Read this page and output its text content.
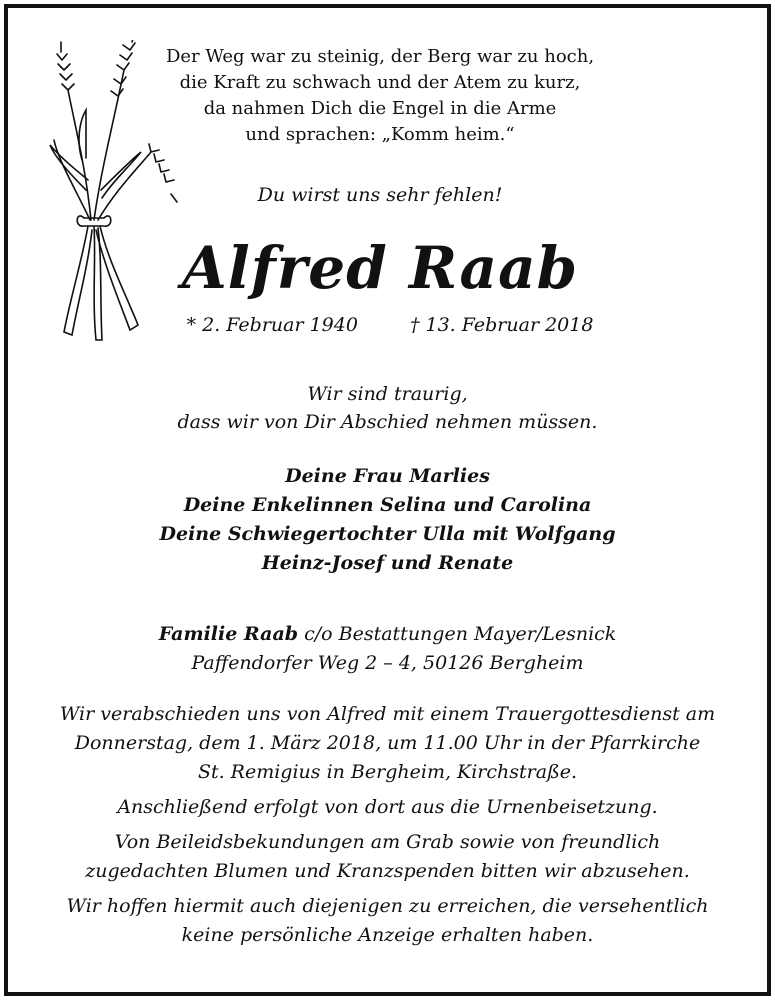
Der Weg war zu steinig, der Berg war zu hoch,
die Kraft zu schwach und der Atem zu kurz,
da nahmen Dich die Engel in die Arme
und sprachen: „Komm heim.“
Du wirst uns sehr fehlen!
Alfred Raab
* 2. Februar 1940	† 13. Februar 2018
Wir sind traurig,
dass wir von Dir Abschied nehmen müssen.
Deine Frau Marlies
Deine Enkelinnen Selina und Carolina
Deine Schwiegertochter Ulla mit Wolfgang
Heinz-Josef und Renate
Familie Raab c/o Bestattungen Mayer/Lesnick
Paffendorfer Weg 2 – 4, 50126 Bergheim

Wir verabschieden uns von Alfred mit einem Trauergottesdienst am
Donnerstag, dem 1. März 2018, um 11.00 Uhr in der Pfarrkirche
St. Remigius in Bergheim, Kirchstraße.

Anschließend erfolgt von dort aus die Urnenbeisetzung.

Von Beileidsbekundungen am Grab sowie von freundlich
zugedachten Blumen und Kranzspenden bitten wir abzusehen.

Wir hoffen hiermit auch diejenigen zu erreichen, die versehentlich
keine persönliche Anzeige erhalten haben.
